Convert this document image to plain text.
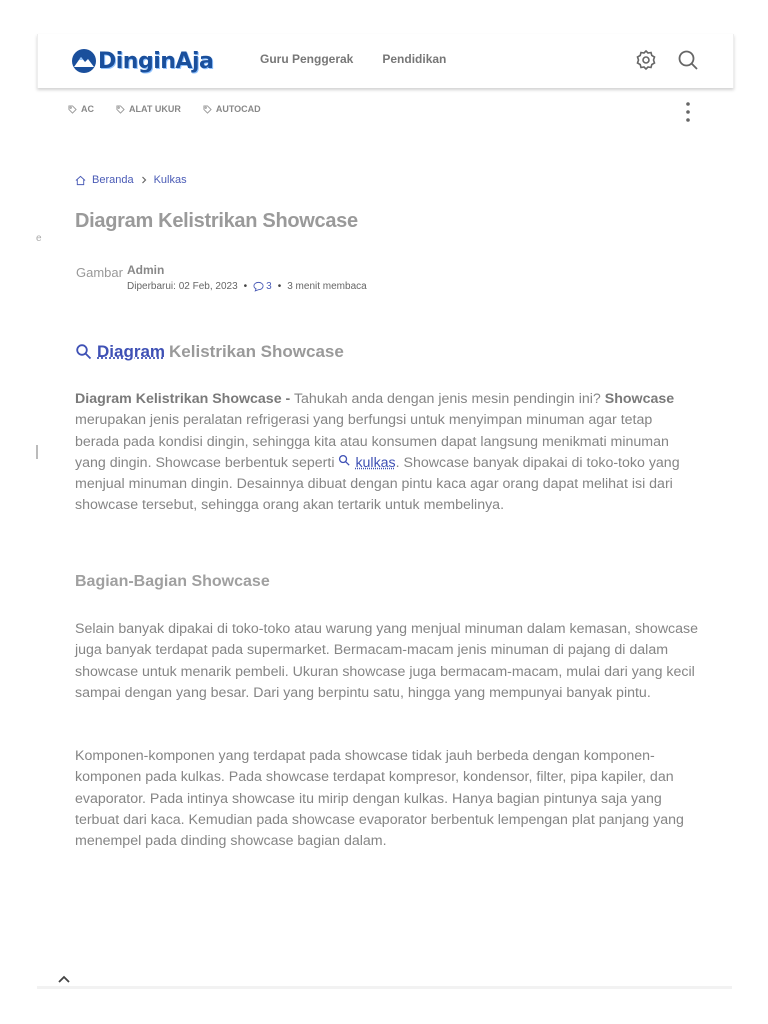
DinginAja	Guru Penggerak Pendidikan
AC	ALAT UKUR	AUTOCAD
e
Beranda Kulkas
Diagram Kelistrikan Showcase
Gambar Admin
Diperbarui: 02 Feb, 2023 • 3 • 3 menit membaca
Diagram Kelistrikan Showcase

Diagram Kelistrikan Showcase - Tahukah anda dengan jenis mesin pendingin ini? Showcase merupakan jenis peralatan refrigerasi yang berfungsi untuk menyimpan minuman agar tetap berada pada kondisi dingin, sehingga kita atau konsumen dapat langsung menikmati minuman yang dingin. Showcase berbentuk seperti kulkas. Showcase banyak dipakai di toko-toko yang menjual minuman dingin. Desainnya dibuat dengan pintu kaca agar orang dapat melihat isi dari showcase tersebut, sehingga orang akan tertarik untuk membelinya.

Bagian-Bagian Showcase

Selain banyak dipakai di toko-toko atau warung yang menjual minuman dalam kemasan, showcase juga banyak terdapat pada supermarket. Bermacam-macam jenis minuman di pajang di dalam showcase untuk menarik pembeli. Ukuran showcase juga bermacam-macam, mulai dari yang kecil sampai dengan yang besar. Dari yang berpintu satu, hingga yang mempunyai banyak pintu.

Komponen-komponen yang terdapat pada showcase tidak jauh berbeda dengan komponen-komponen pada kulkas. Pada showcase terdapat kompresor, kondensor, filter, pipa kapiler, dan evaporator. Pada intinya showcase itu mirip dengan kulkas. Hanya bagian pintunya saja yang terbuat dari kaca. Kemudian pada showcase evaporator berbentuk lempengan plat panjang yang menempel pada dinding showcase bagian dalam.
